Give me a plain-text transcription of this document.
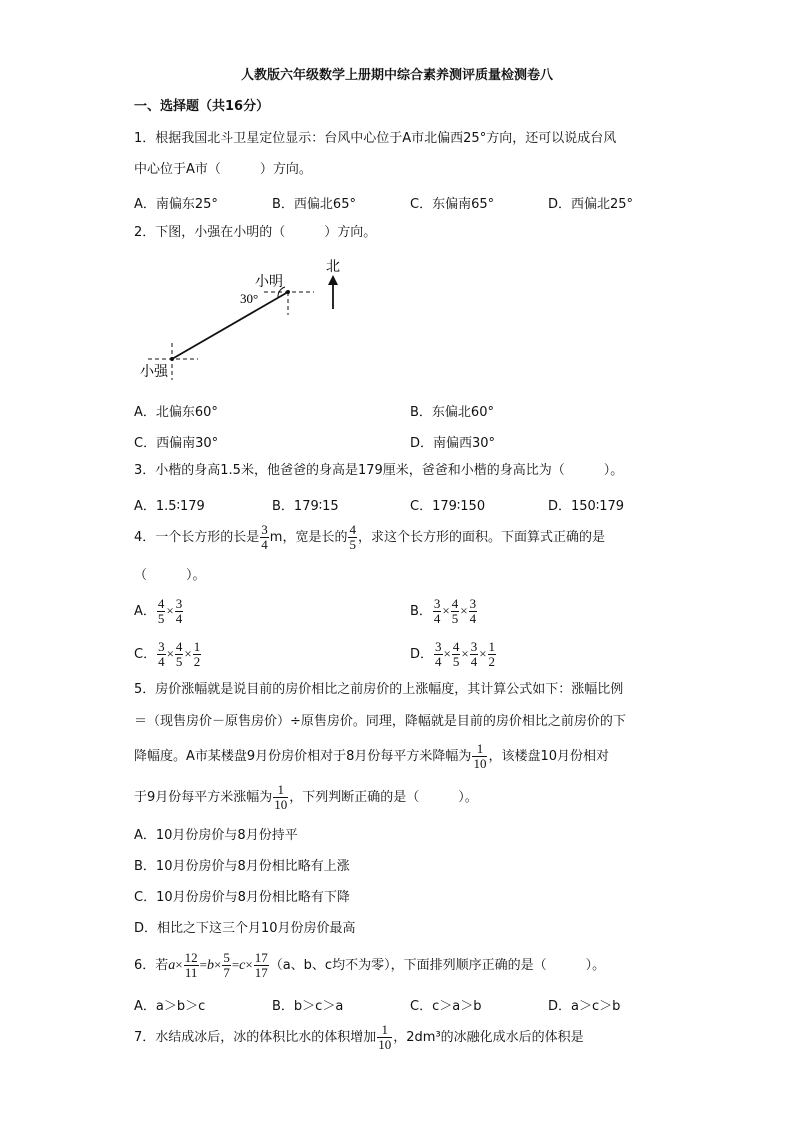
人教版六年级数学上册期中综合素养测评质量检测卷八
一、选择题（共16分）
1．根据我国北斗卫星定位显示：台风中心位于A市北偏西25°方向，还可以说成台风
中心位于A市（　　　）方向。
A．南偏东25°	B．西偏北65°	C．东偏南65°	D．西偏北25°
2．下图，小强在小明的（　　　）方向。
小明
30°
北
小强
A．北偏东60°	B．东偏北60°
C．西偏南30°	D．南偏西30°
3．小楷的身高1.5米，他爸爸的身高是179厘米，爸爸和小楷的身高比为（　　　）。
A．1.5∶179	B．179∶15	C．179∶150	D．150∶179
4．一个长方形的长是 $\frac{3}{4}$ m，宽是长的 $\frac{4}{5}$ ，求这个长方形的面积。下面算式正确的是
（　　　）。
A． $\frac{4}{5} \times \frac{3}{4}$	B． $\frac{3}{4} \times \frac{4}{5} \times \frac{3}{4}$
C． $\frac{3}{4} \times \frac{4}{5} \times \frac{1}{2}$	D． $\frac{3}{4} \times \frac{4}{5} \times \frac{3}{4} \times \frac{1}{2}$
5．房价涨幅就是说目前的房价相比之前房价的上涨幅度，其计算公式如下：涨幅比例
＝（现售房价－原售房价）÷原售房价。同理，降幅就是目前的房价相比之前房价的下
降幅度。A市某楼盘9月份房价相对于8月份每平方米降幅为 $\frac{1}{10}$ ，该楼盘10月份相对
于9月份每平方米涨幅为 $\frac{1}{10}$ ，下列判断正确的是（　　　）。
A．10月份房价与8月份持平
B．10月份房价与8月份相比略有上涨
C．10月份房价与8月份相比略有下降
D．相比之下这三个月10月份房价最高
6．若$a\times \frac{12}{11} =b\times \frac{5}{7} =c\times \frac{17}{17} (a$、b、c均不为零），下面排列顺序正确的是（　　　）。
A．a＞b＞c	B．b＞c＞a	C．c＞a＞b	D．a＞c＞b
7．水结成冰后，冰的体积比水的体积增加 $\frac{1}{10}$ ，2dm³的冰融化成水后的体积是
